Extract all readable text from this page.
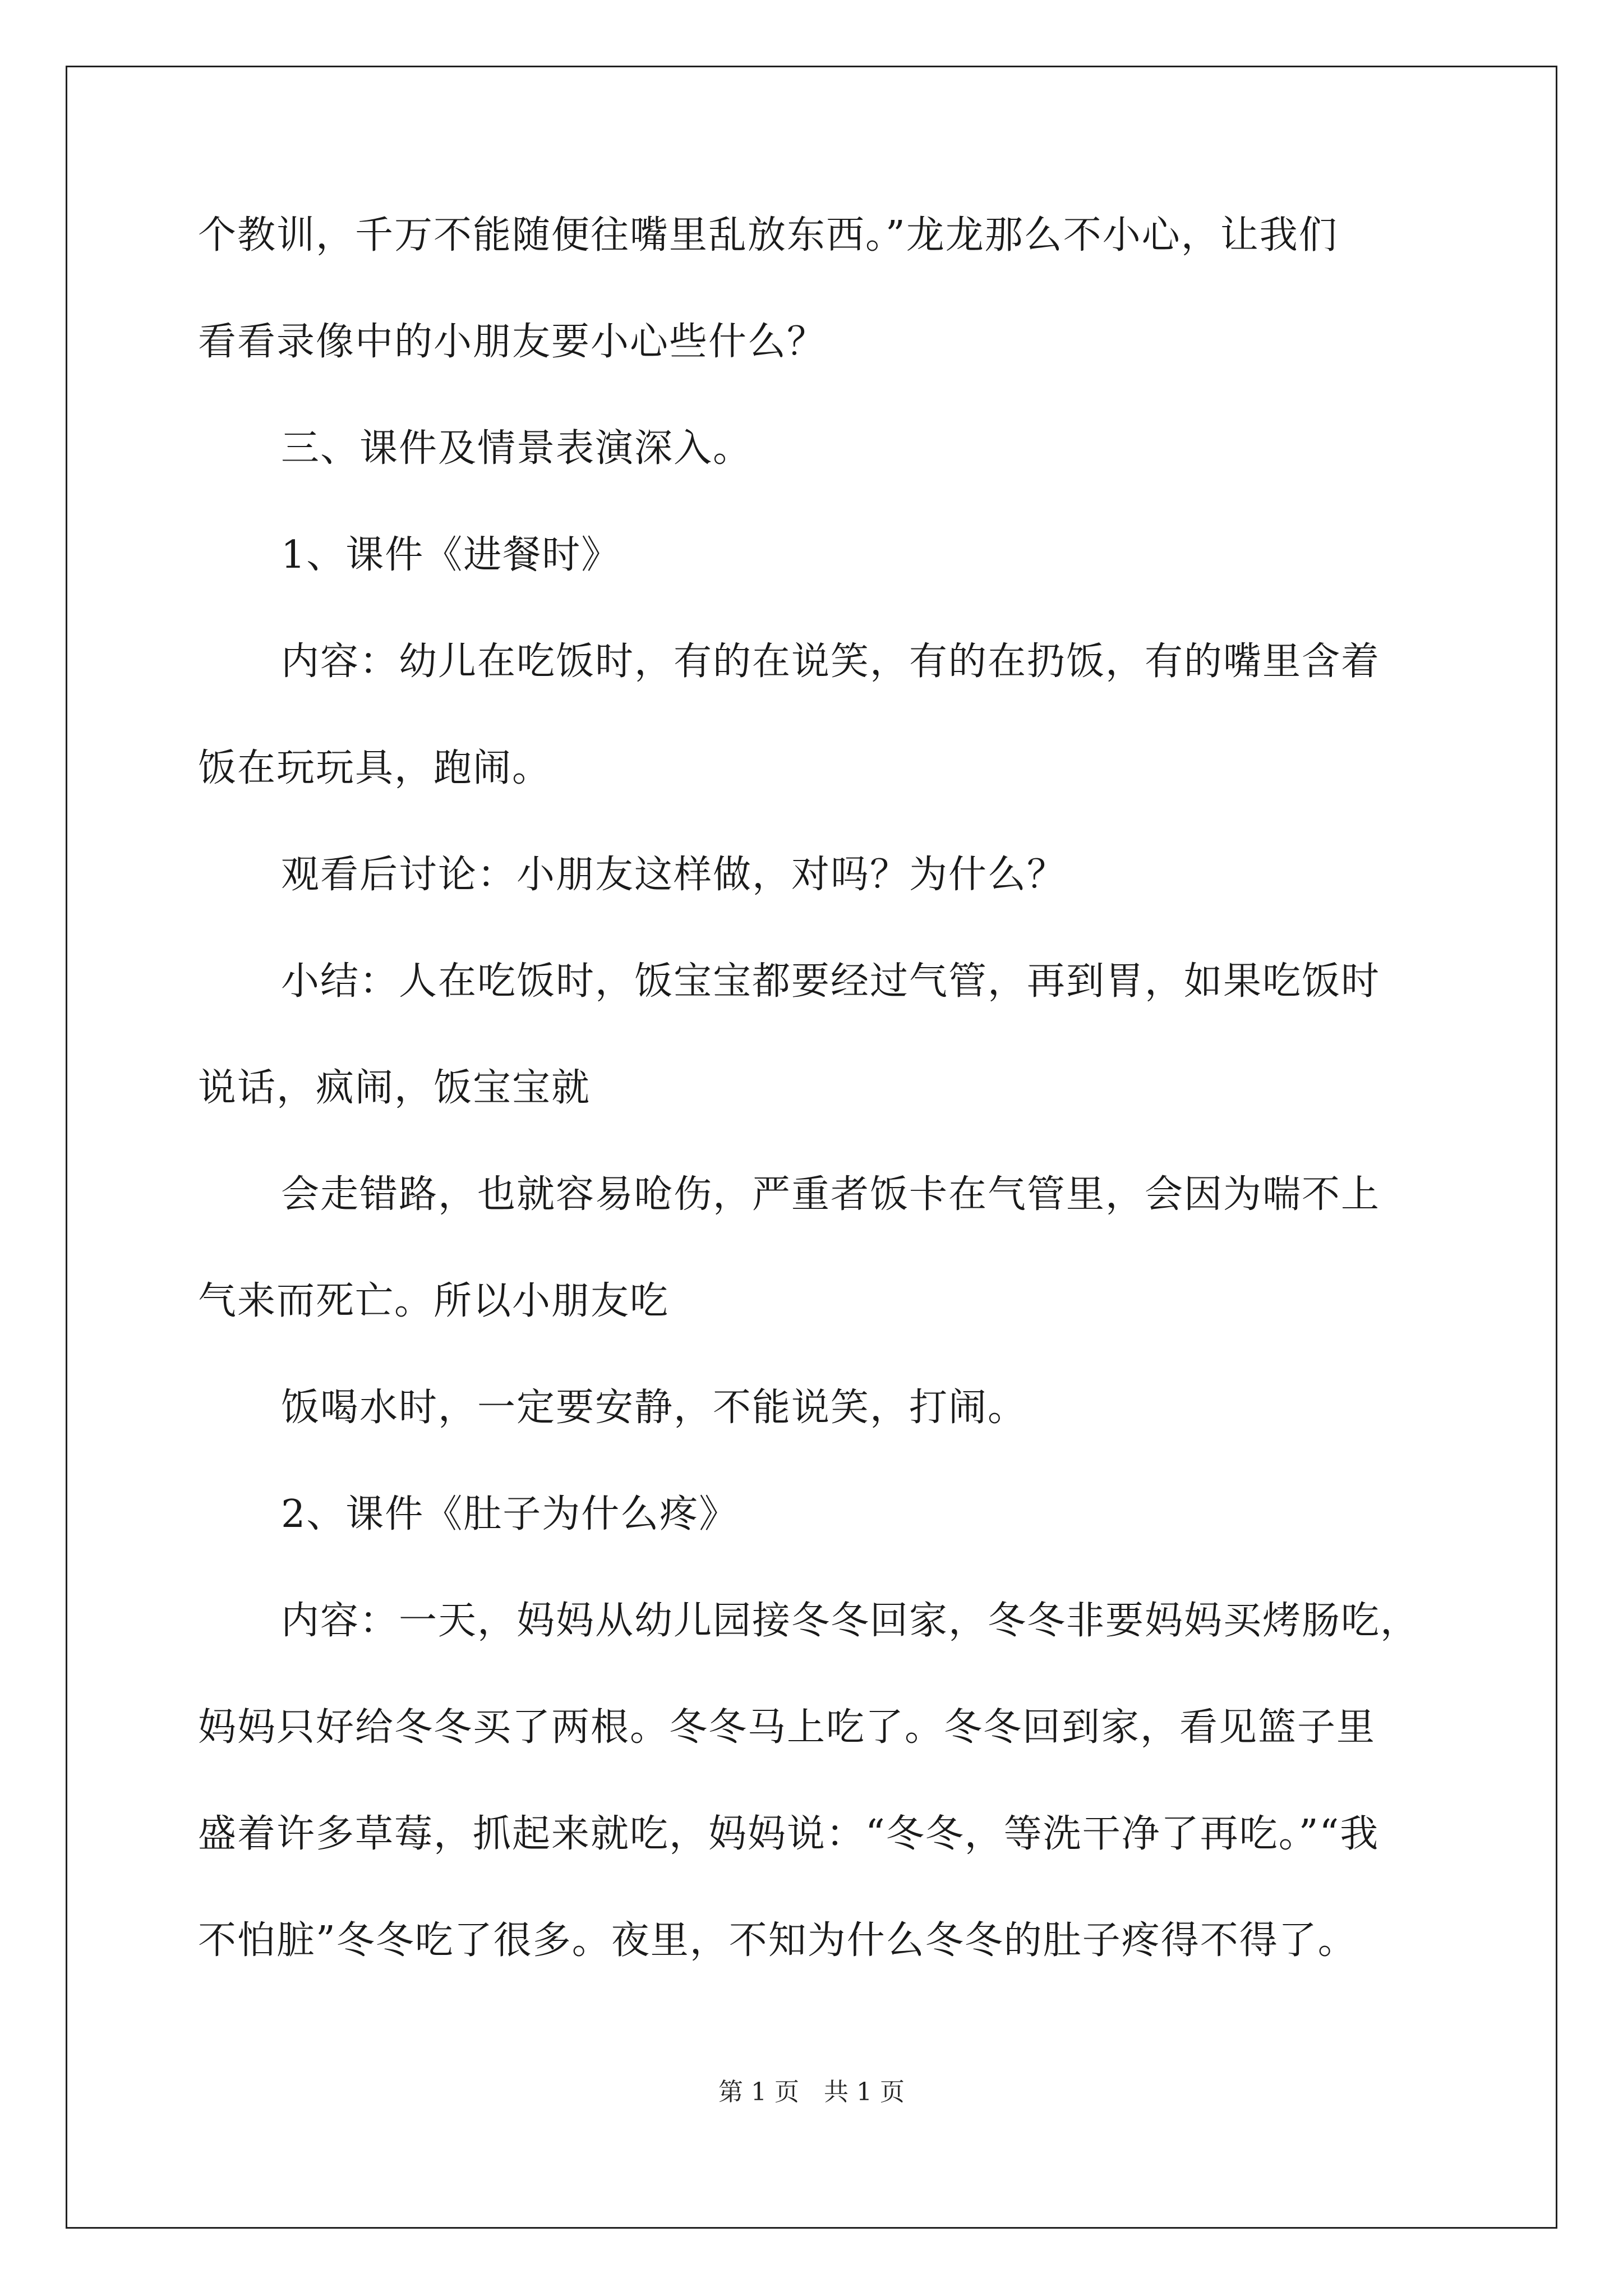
个教训，千万不能随便往嘴里乱放东西。”龙龙那么不小心，让我们
看看录像中的小朋友要小心些什么？
三、课件及情景表演深入。
1、课件《进餐时》
内容：幼儿在吃饭时，有的在说笑，有的在扔饭，有的嘴里含着
饭在玩玩具，跑闹。
观看后讨论：小朋友这样做，对吗？为什么？
小结：人在吃饭时，饭宝宝都要经过气管，再到胃，如果吃饭时
说话，疯闹，饭宝宝就
会走错路，也就容易呛伤，严重者饭卡在气管里，会因为喘不上
气来而死亡。所以小朋友吃
饭喝水时，一定要安静，不能说笑，打闹。
2、课件《肚子为什么疼》
内容：一天，妈妈从幼儿园接冬冬回家，冬冬非要妈妈买烤肠吃，
妈妈只好给冬冬买了两根。冬冬马上吃了。冬冬回到家，看见篮子里
盛着许多草莓，抓起来就吃，妈妈说：“冬冬，等洗干净了再吃。”“我
不怕脏”冬冬吃了很多。夜里，不知为什么冬冬的肚子疼得不得了。
第 1 页　共 1 页
